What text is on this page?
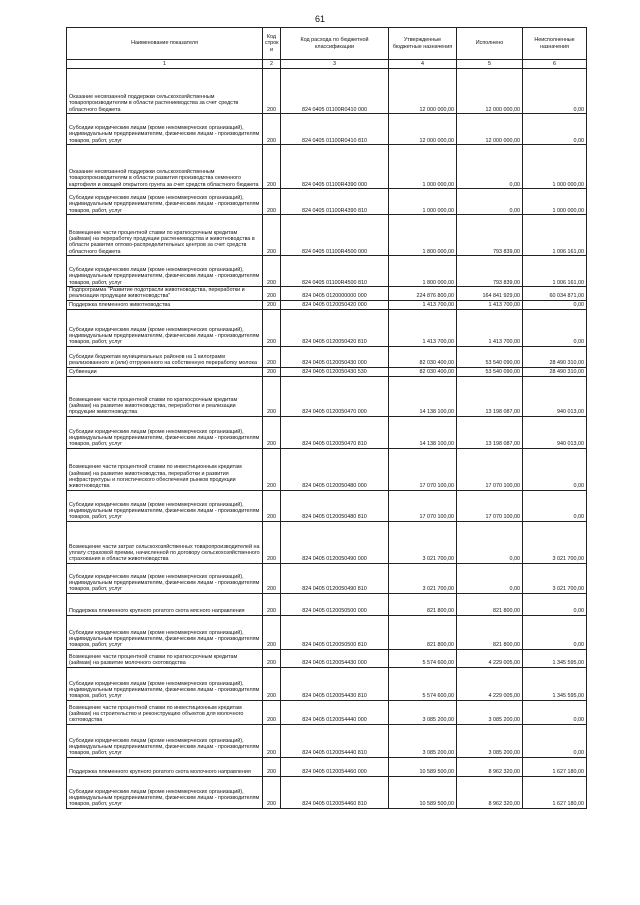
61
Наименование показателя	Код строк и	Код расхода по бюджетной классификации	Утвержденные бюджетные назначения	Исполнено	Неисполненные назначения
1	2	3	4	5	6
Оказание несвязанной поддержки сельскохозяйственным товаропроизводителям в области растениеводства за счет средств областного бюджета	200	824 0405 01100R0410 000	12 000 000,00	12 000 000,00	0,00
Субсидии юридическим лицам (кроме некоммерческих организаций), индивидуальным предпринимателям, физическим лицам - производителям товаров, работ, услуг	200	824 0405 01100R0410 810	12 000 000,00	12 000 000,00	0,00
Оказание несвязанной поддержки сельскохозяйственным товаропроизводителям в области развития производства семенного картофеля и овощей открытого грунта за счет средств областного бюджета	200	824 0405 01100R4390 000	1 000 000,00	0,00	1 000 000,00
Субсидии юридическим лицам (кроме некоммерческих организаций), индивидуальным предпринимателям, физическим лицам - производителям товаров, работ, услуг	200	824 0405 01100R4390 810	1 000 000,00	0,00	1 000 000,00
Возмещение части процентной ставки по краткосрочным кредитам (займам) на переработку продукции растениеводства и животноводства в области развития оптово-распределительных центров за счет средств областного бюджета	200	824 0405 01100R4500 000	1 800 000,00	793 839,00	1 006 161,00
Субсидии юридическим лицам (кроме некоммерческих организаций), индивидуальным предпринимателям, физическим лицам - производителям товаров, работ, услуг	200	824 0405 01100R4500 810	1 800 000,00	793 839,00	1 006 161,00
Подпрограмма "Развитие подотрасли животноводства, переработки и реализации продукции животноводства"	200	824 0405 0120000000 000	224 876 800,00	164 841 929,00	60 034 871,00
Поддержка племенного животноводства	200	824 0405 0120050420 000	1 413 700,00	1 413 700,00	0,00
Субсидии юридическим лицам (кроме некоммерческих организаций), индивидуальным предпринимателям, физическим лицам - производителям товаров, работ, услуг	200	824 0405 0120050420 810	1 413 700,00	1 413 700,00	0,00
Субсидии бюджетам муниципальных районов на 1 килограмм реализованного и (или) отгруженного на собственную переработку молока	200	824 0405 0120050430 000	82 030 400,00	53 540 090,00	28 490 310,00
Субвенции	200	824 0405 0120050430 530	82 030 400,00	53 540 090,00	28 490 310,00
Возмещение части процентной ставки по краткосрочным кредитам (займам) на развитие животноводства, переработки и реализации продукции животноводства	200	824 0405 0120050470 000	14 138 100,00	13 198 087,00	940 013,00
Субсидии юридическим лицам (кроме некоммерческих организаций), индивидуальным предпринимателям, физическим лицам - производителям товаров, работ, услуг	200	824 0405 0120050470 810	14 138 100,00	13 198 087,00	940 013,00
Возмещение части процентной ставки по инвестиционным кредитам (займам) на развитие животноводства, переработки и развития инфраструктуры и логистического обеспечения рынков продукции животноводства	200	824 0405 0120050480 000	17 070 100,00	17 070 100,00	0,00
Субсидии юридическим лицам (кроме некоммерческих организаций), индивидуальным предпринимателям, физическим лицам - производителям товаров, работ, услуг	200	824 0405 0120050480 810	17 070 100,00	17 070 100,00	0,00
Возмещение части затрат сельскохозяйственных товаропроизводителей на уплату страховой премии, начисленной по договору сельскохозяйственного страхования в области животноводства	200	824 0405 0120050490 000	3 021 700,00	0,00	3 021 700,00
Субсидии юридическим лицам (кроме некоммерческих организаций), индивидуальным предпринимателям, физическим лицам - производителям товаров, работ, услуг	200	824 0405 0120050490 810	3 021 700,00	0,00	3 021 700,00
Поддержка племенного крупного рогатого скота мясного направления	200	824 0405 0120050500 000	821 800,00	821 800,00	0,00
Субсидии юридическим лицам (кроме некоммерческих организаций), индивидуальным предпринимателям, физическим лицам - производителям товаров, работ, услуг	200	824 0405 0120050500 810	821 800,00	821 800,00	0,00
Возмещение части процентной ставки по краткосрочным кредитам (займам) на развитие молочного скотоводства	200	824 0405 0120054430 000	5 574 600,00	4 229 005,00	1 345 595,00
Субсидии юридическим лицам (кроме некоммерческих организаций), индивидуальным предпринимателям, физическим лицам - производителям товаров, работ, услуг	200	824 0405 0120054430 810	5 574 600,00	4 229 005,00	1 345 595,00
Возмещение части процентной ставки по инвестиционным кредитам (займам) на строительство и реконструкцию объектов для молочного скотоводства	200	824 0405 0120054440 000	3 085 200,00	3 085 200,00	0,00
Субсидии юридическим лицам (кроме некоммерческих организаций), индивидуальным предпринимателям, физическим лицам - производителям товаров, работ, услуг	200	824 0405 0120054440 810	3 085 200,00	3 085 200,00	0,00
Поддержка племенного крупного рогатого скота молочного направления	200	824 0405 0120054460 000	10 589 500,00	8 962 320,00	1 627 180,00
Субсидии юридическим лицам (кроме некоммерческих организаций), индивидуальным предпринимателям, физическим лицам - производителям товаров, работ, услуг	200	824 0405 0120054460 810	10 589 500,00	8 962 320,00	1 627 180,00
